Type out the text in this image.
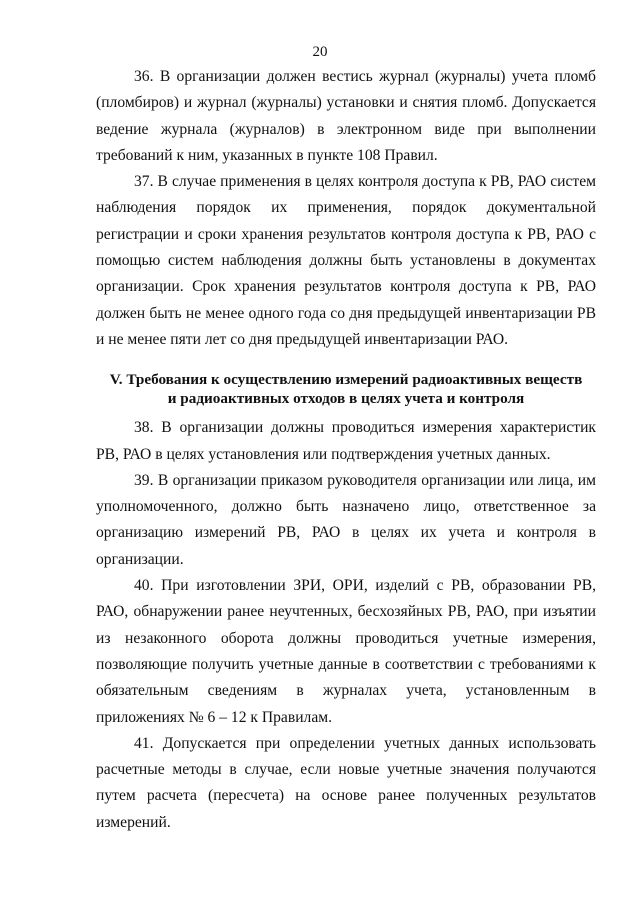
20

36. В организации должен вестись журнал (журналы) учета пломб (пломбиров) и журнал (журналы) установки и снятия пломб. Допускается ведение журнала (журналов) в электронном виде при выполнении требований к ним, указанных в пункте 108 Правил.

37. В случае применения в целях контроля доступа к РВ, РАО систем наблюдения порядок их применения, порядок документальной регистрации и сроки хранения результатов контроля доступа к РВ, РАО с помощью систем наблюдения должны быть установлены в документах организации. Срок хранения результатов контроля доступа к РВ, РАО должен быть не менее одного года со дня предыдущей инвентаризации РВ и не менее пяти лет со дня предыдущей инвентаризации РАО.

V. Требования к осуществлению измерений радиоактивных веществ
и радиоактивных отходов в целях учета и контроля

38. В организации должны проводиться измерения характеристик РВ, РАО в целях установления или подтверждения учетных данных.

39. В организации приказом руководителя организации или лица, им уполномоченного, должно быть назначено лицо, ответственное за организацию измерений РВ, РАО в целях их учета и контроля в организации.

40. При изготовлении ЗРИ, ОРИ, изделий с РВ, образовании РВ, РАО, обнаружении ранее неучтенных, бесхозяйных РВ, РАО, при изъятии из незаконного оборота должны проводиться учетные измерения, позволяющие получить учетные данные в соответствии с требованиями к обязательным сведениям в журналах учета, установленным в приложениях № 6 – 12 к Правилам.

41. Допускается при определении учетных данных использовать расчетные методы в случае, если новые учетные значения получаются путем расчета (пересчета) на основе ранее полученных результатов измерений.
